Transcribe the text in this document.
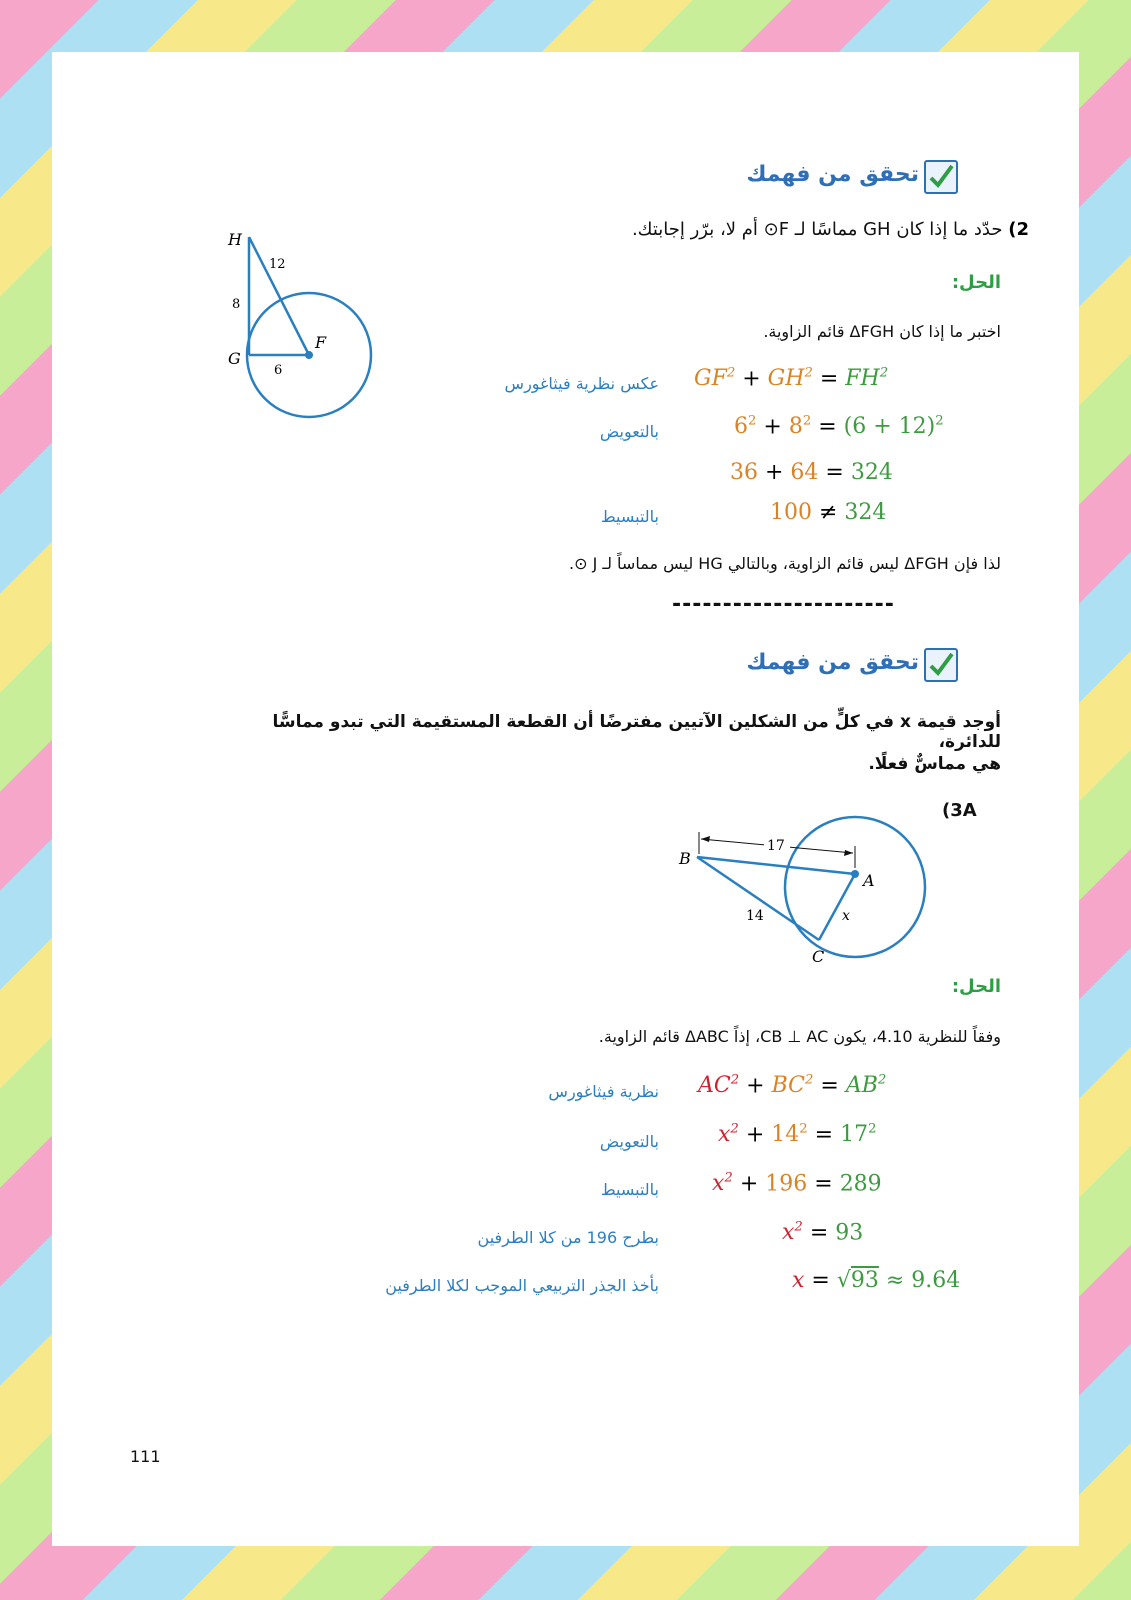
تحقق من فهمك
2) حدّد ما إذا كان GH مماسًا لـ F⊙ أم لا، برّر إجابتك.
H
G
F
12
8
6
الحل:
اختبر ما إذا كان ΔFGH قائم الزاوية.
عكس نظرية فيثاغورس $GF^2 + GH^2 = FH^2$
بالتعويض	$6^2 + 8^2 = (6 + 12)^2$
36 + 64 = 324
بالتبسيط	100 ≠ 324
لذا فإن ΔFGH ليس قائم الزاوية، وبالتالي HG ليس مماساً لـ J ⊙.
----------------------
تحقق من فهمك
أوجد قيمة x في كلٍّ من الشكلين الآتيين مفترضًا أن القطعة المستقيمة التي تبدو مماسًّا للدائرة،
هي مماسٌّ فعلًا.
(3A
17
B
A
C
x
14
الحل:
وفقاً للنظرية 4.10، يكون CB ⊥ AC، إذاً ΔABC قائم الزاوية.
نظرية فيثاغورس $AC^2 + BC^2 = AB^2$
بالتعويض	$x^2 + 14^2 = 17^2$
بالتبسيط $x^2 + 196 = 289$
بطرح 196 من كلا الطرفين	$x^2 = 93$
بأخذ الجذر التربيعي الموجب لكلا الطرفين	x = √93 ≈ 9.64
111
